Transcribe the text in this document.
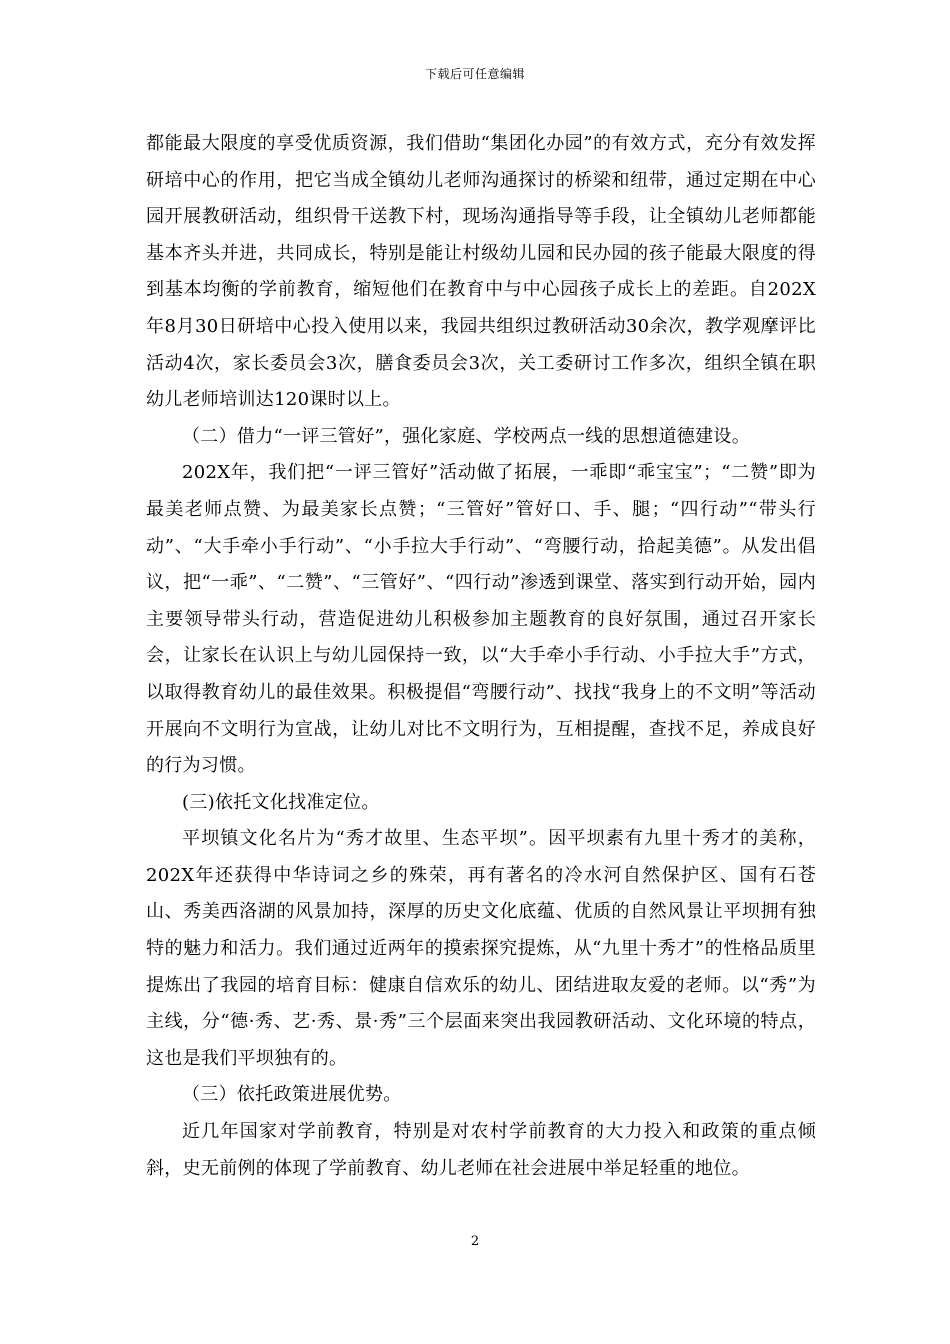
下载后可任意编辑

都能最大限度的享受优质资源，我们借助“集团化办园”的有效方式，充分有效发挥研培中心的作用，把它当成全镇幼儿老师沟通探讨的桥梁和纽带，通过定期在中心园开展教研活动，组织骨干送教下村，现场沟通指导等手段，让全镇幼儿老师都能基本齐头并进，共同成长，特别是能让村级幼儿园和民办园的孩子能最大限度的得到基本均衡的学前教育，缩短他们在教育中与中心园孩子成长上的差距。自202X年8月30日研培中心投入使用以来，我园共组织过教研活动30余次，教学观摩评比活动4次，家长委员会3次，膳食委员会3次，关工委研讨工作多次，组织全镇在职幼儿老师培训达120课时以上。

（二）借力“一评三管好”，强化家庭、学校两点一线的思想道德建设。

202X年，我们把“一评三管好”活动做了拓展，一乖即“乖宝宝”；“二赞”即为最美老师点赞、为最美家长点赞；“三管好”管好口、手、腿；“四行动”“带头行动”、“大手牵小手行动”、“小手拉大手行动”、“弯腰行动，拾起美德”。从发出倡议，把“一乖”、“二赞”、“三管好”、“四行动”渗透到课堂、落实到行动开始，园内主要领导带头行动，营造促进幼儿积极参加主题教育的良好氛围，通过召开家长会，让家长在认识上与幼儿园保持一致，以“大手牵小手行动、小手拉大手”方式，以取得教育幼儿的最佳效果。积极提倡“弯腰行动”、找找“我身上的不文明”等活动开展向不文明行为宣战，让幼儿对比不文明行为，互相提醒，查找不足，养成良好的行为习惯。

(三)依托文化找准定位。

平坝镇文化名片为“秀才故里、生态平坝”。因平坝素有九里十秀才的美称，202X年还获得中华诗词之乡的殊荣，再有著名的冷水河自然保护区、国有石苍山、秀美西洛湖的风景加持，深厚的历史文化底蕴、优质的自然风景让平坝拥有独特的魅力和活力。我们通过近两年的摸索探究提炼，从“九里十秀才”的性格品质里提炼出了我园的培育目标：健康自信欢乐的幼儿、团结进取友爱的老师。以“秀”为主线，分“德·秀、艺·秀、景·秀”三个层面来突出我园教研活动、文化环境的特点，这也是我们平坝独有的。

（三）依托政策进展优势。

近几年国家对学前教育，特别是对农村学前教育的大力投入和政策的重点倾斜，史无前例的体现了学前教育、幼儿老师在社会进展中举足轻重的地位。

2
